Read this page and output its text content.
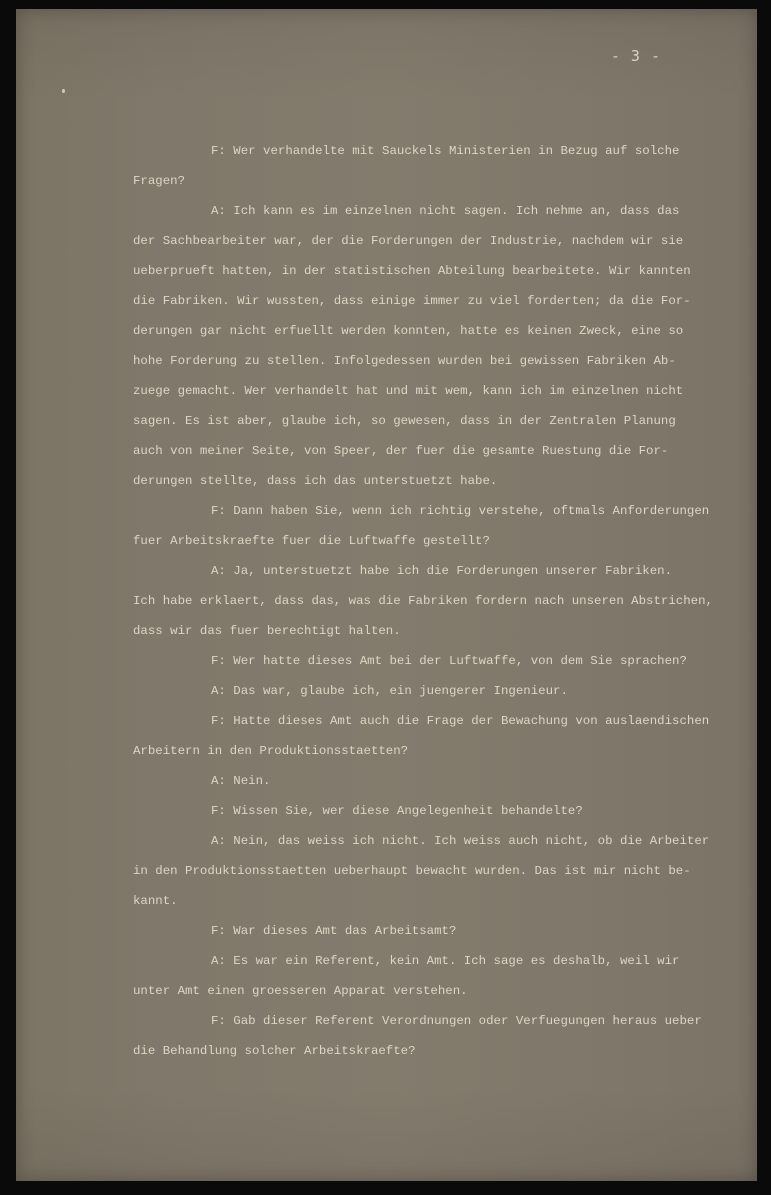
- 3 -
F: Wer verhandelte mit Sauckels Ministerien in Bezug auf solche
Fragen?
A: Ich kann es im einzelnen nicht sagen. Ich nehme an, dass das
der Sachbearbeiter war, der die Forderungen der Industrie, nachdem wir sie
ueberprueft hatten, in der statistischen Abteilung bearbeitete. Wir kannten
die Fabriken. Wir wussten, dass einige immer zu viel forderten; da die For-
derungen gar nicht erfuellt werden konnten, hatte es keinen Zweck, eine so
hohe Forderung zu stellen. Infolgedessen wurden bei gewissen Fabriken Ab-
zuege gemacht. Wer verhandelt hat und mit wem, kann ich im einzelnen nicht
sagen. Es ist aber, glaube ich, so gewesen, dass in der Zentralen Planung
auch von meiner Seite, von Speer, der fuer die gesamte Ruestung die For-
derungen stellte, dass ich das unterstuetzt habe.
F: Dann haben Sie, wenn ich richtig verstehe, oftmals Anforderungen
fuer Arbeitskraefte fuer die Luftwaffe gestellt?
A: Ja, unterstuetzt habe ich die Forderungen unserer Fabriken.
Ich habe erklaert, dass das, was die Fabriken fordern nach unseren Abstrichen,
dass wir das fuer berechtigt halten.
F: Wer hatte dieses Amt bei der Luftwaffe, von dem Sie sprachen?
A: Das war, glaube ich, ein juengerer Ingenieur.
F: Hatte dieses Amt auch die Frage der Bewachung von auslaendischen
Arbeitern in den Produktionsstaetten?
A: Nein.
F: Wissen Sie, wer diese Angelegenheit behandelte?
A: Nein, das weiss ich nicht. Ich weiss auch nicht, ob die Arbeiter
in den Produktionsstaetten ueberhaupt bewacht wurden. Das ist mir nicht be-
kannt.
F: War dieses Amt das Arbeitsamt?
A: Es war ein Referent, kein Amt. Ich sage es deshalb, weil wir
unter Amt einen groesseren Apparat verstehen.
F: Gab dieser Referent Verordnungen oder Verfuegungen heraus ueber
die Behandlung solcher Arbeitskraefte?
